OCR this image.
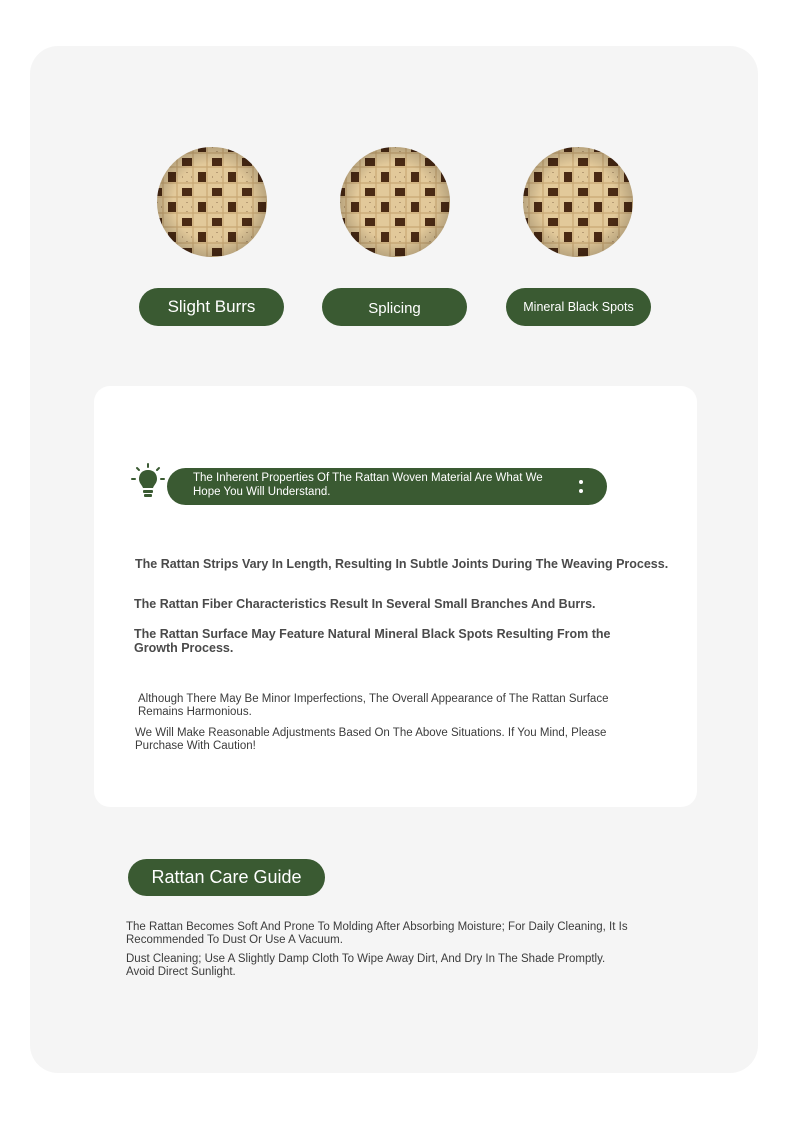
Slight Burrs	Splicing	Mineral Black Spots
The Inherent Properties Of The Rattan Woven Material Are What We Hope You Will Understand.
The Rattan Strips Vary In Length, Resulting In Subtle Joints During The Weaving Process.
The Rattan Fiber Characteristics Result In Several Small Branches And Burrs.
The Rattan Surface May Feature Natural Mineral Black Spots Resulting From the Growth Process.
Although There May Be Minor Imperfections, The Overall Appearance of The Rattan Surface Remains Harmonious.
We Will Make Reasonable Adjustments Based On The Above Situations. If You Mind, Please Purchase With Caution!
Rattan Care Guide
The Rattan Becomes Soft And Prone To Molding After Absorbing Moisture; For Daily Cleaning, It Is Recommended To Dust Or Use A Vacuum.
Dust Cleaning; Use A Slightly Damp Cloth To Wipe Away Dirt, And Dry In The Shade Promptly. Avoid Direct Sunlight.
